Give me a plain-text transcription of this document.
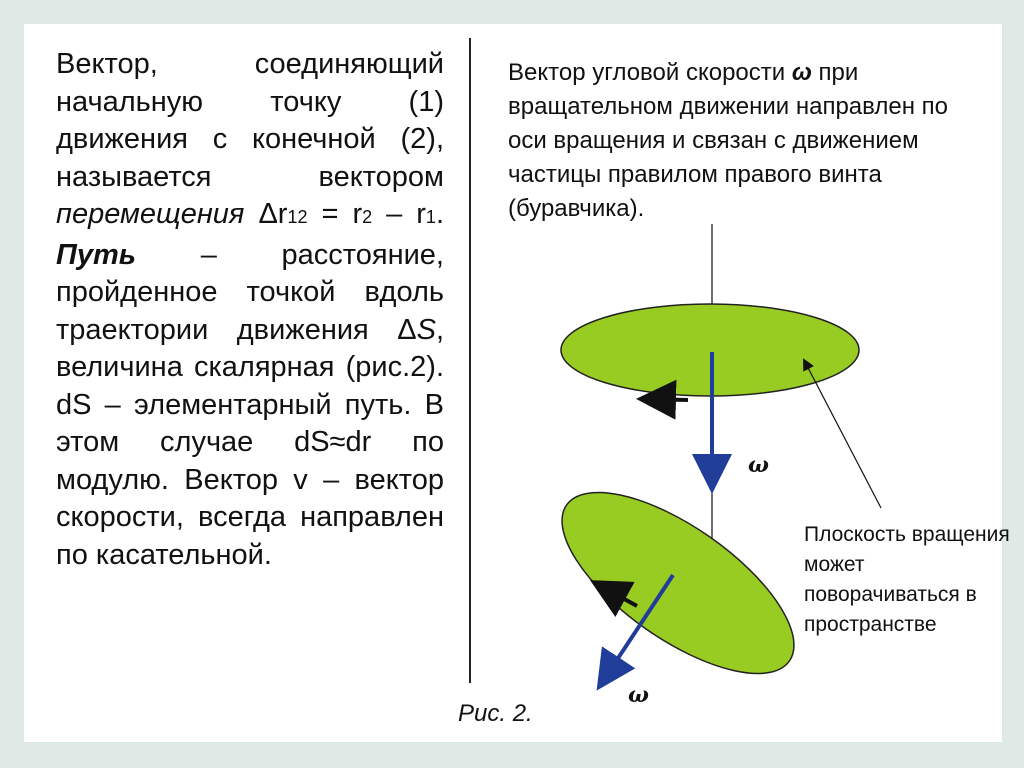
Вектор, соединяющий начальную точку (1) движения с конечной (2), называется вектором перемещения Δr12 = r2 – r1. Путь – расстояние, пройденное точкой вдоль траектории движения ΔS, величина скалярная (рис.2). dS – элементарный путь. В этом случае dS≈dr по модулю. Вектор v – вектор скорости, всегда направлен по касательной.
Вектор угловой скорости ω при вращательном движении направлен по оси вращения и связан с движением частицы правилом правого винта (буравчика).
ω
ω
Плоскость вращения может поворачиваться в пространстве
Рис. 2.
